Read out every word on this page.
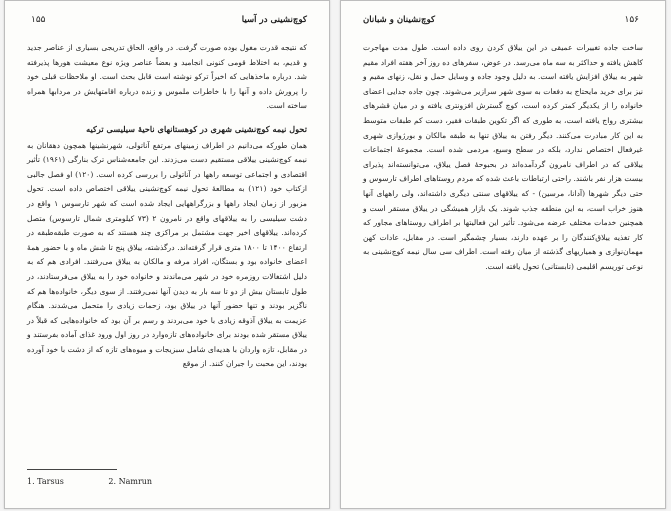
کوچ‌نشینی در آسیا
۱۵۵

که نتیجه قدرت مغول بوده صورت گرفت. در واقع، الحاق تدریجی بسیاری از عناصر جدید و قدیم، به اختلاط قومی کنونی انجامید و بعضاً عناصر ویژه نوع معیشت هورها پذیرفته شد. درباره ماخذهایی که اخیراً ترکو نوشته است قابل بحث است. او ملاحظات قبلی خود را پرورش داده و آنها را با خاطرات ملموس و زنده درباره اقامتهایش در مردابها همراه ساخته است.

تحول نیمه کوچ‌نشینی شهری در کوهستانهای ناحیهٔ سیلیسی ترکیه

همان طورکه می‌دانیم در اطراف زمینهای مرتفع آناتولی، شهرنشینها همچون دهقانان به نیمه کوچ‌نشینی ییلاقی مستقیم دست می‌زدند. این جامعه‌شناس ترک بنارگی (۱۹۶۱) تأثیر اقتصادی و اجتماعی توسعه راهها در آناتولی را بررسی کرده است. (۱۲۰) او فصل جالبی ازکتاب خود (۱۲۱) به مطالعهٔ تحول نیمه کوچ‌نشینی ییلاقی اختصاص داده است. تحول مزبور از زمان ایجاد راهها و بزرگراههایی ایجاد شده است که شهر تارسوس ۱ واقع در دشت سیلیسی را به ییلاقهای واقع در نامرون ۲ (۷۳ کیلومتری شمال تارسوس) متصل کرده‌اند. ییلاقهای اخیر جهت مشتمل بر مراکزی چند هستند که به صورت طبقه‌طبقه در ارتفاع ۱۴۰۰ تا ۱۸۰۰ متری قرار گرفته‌اند. درگذشته، ییلاق پنج تا شش ماه و با حضور همهٔ اعضای خانواده بود و بستگان، افراد مرفه و مالکان به ییلاق می‌رفتند. افرادی هم که به دلیل اشتغالات روزمره خود در شهر می‌ماندند و خانواده خود را به ییلاق می‌فرستادند، در طول تابستان بیش از دو تا سه بار به دیدن آنها نمی‌رفتند. از سوی دیگر، خانواده‌ها هم که ناگزیر بودند و تنها حضور آنها در ییلاق بود، زحمات زیادی را متحمل می‌شدند. هنگام عزیمت به ییلاق آذوقه زیادی با خود می‌بردند و رسم بر آن بود که خانواده‌هایی که قبلاً در ییلاق مستقر شده بودند برای خانواده‌های تازه‌وارد در روز اول ورود غذای آماده بفرستند و در مقابل، تازه واردان با هدیه‌ای شامل سبزیجات و میوه‌های تازه که از دشت با خود آورده بودند، این محبت را جبران کنند. از موقع

1. Tarsus	2. Namrun
۱۵۶
کوچ‌نشینان و شبانان

ساخت جاده تغییرات عمیقی در این ییلاق کردن روی داده است. طول مدت مهاجرت کاهش یافته و حداکثر به سه ماه می‌رسد. در عوض، سفرهای ده روز آخر هفته افراد مقیم شهر به ییلاق افزایش یافته است. به دلیل وجود جاده و وسایل حمل و نقل، زنهای مقیم و نیز برای خرید مایحتاج به دفعات به سوی شهر سرازیر می‌شوند. چون جاده جدایی اعضای خانواده را از یکدیگر کمتر کرده است، کوچ گسترش افزونتری یافته و در میان قشرهای بیشتری رواج یافته است، به طوری که اگر تکوین طبقات فقیر، دست کم طبقات متوسط به این کار مبادرت می‌کنند. دیگر رفتن به ییلاق تنها به طبقه مالکان و بورژوازی شهری غیرفعال اختصاص ندارد، بلکه در سطح وسیع، مردمی شده است. مجموعهٔ اجتماعات ییلاقی که در اطراف نامرون گردآمده‌اند در بحبوحهٔ فصل ییلاق، می‌توانسته‌اند پذیرای بیست هزار نفر باشند. راحتی ارتباطات باعث شده که مردم روستاهای اطراف تارسوس و حتی دیگر شهرها (آدانا، مرسین) - که ییلاقهای سنتی دیگری داشته‌اند، ولی راههای آنها هنوز خراب است، به این منطقه جذب شوند. یک بازار همیشگی در ییلاق مستقر است و همچنین خدمات مختلف عرضه می‌شود. تأثیر این فعالیتها بر اطراف روستاهای مجاور که کار تغذیه ییلاق‌کنندگان را بر عهده دارند، بسیار چشمگیر است. در مقابل، عادات کهن مهمان‌نوازی و همیاریهای گذشته از میان رفته است. اطراف سی سال نیمه کوچ‌نشینی به نوعی توریسم اقلیمی (تابستانی) تحول یافته است.
